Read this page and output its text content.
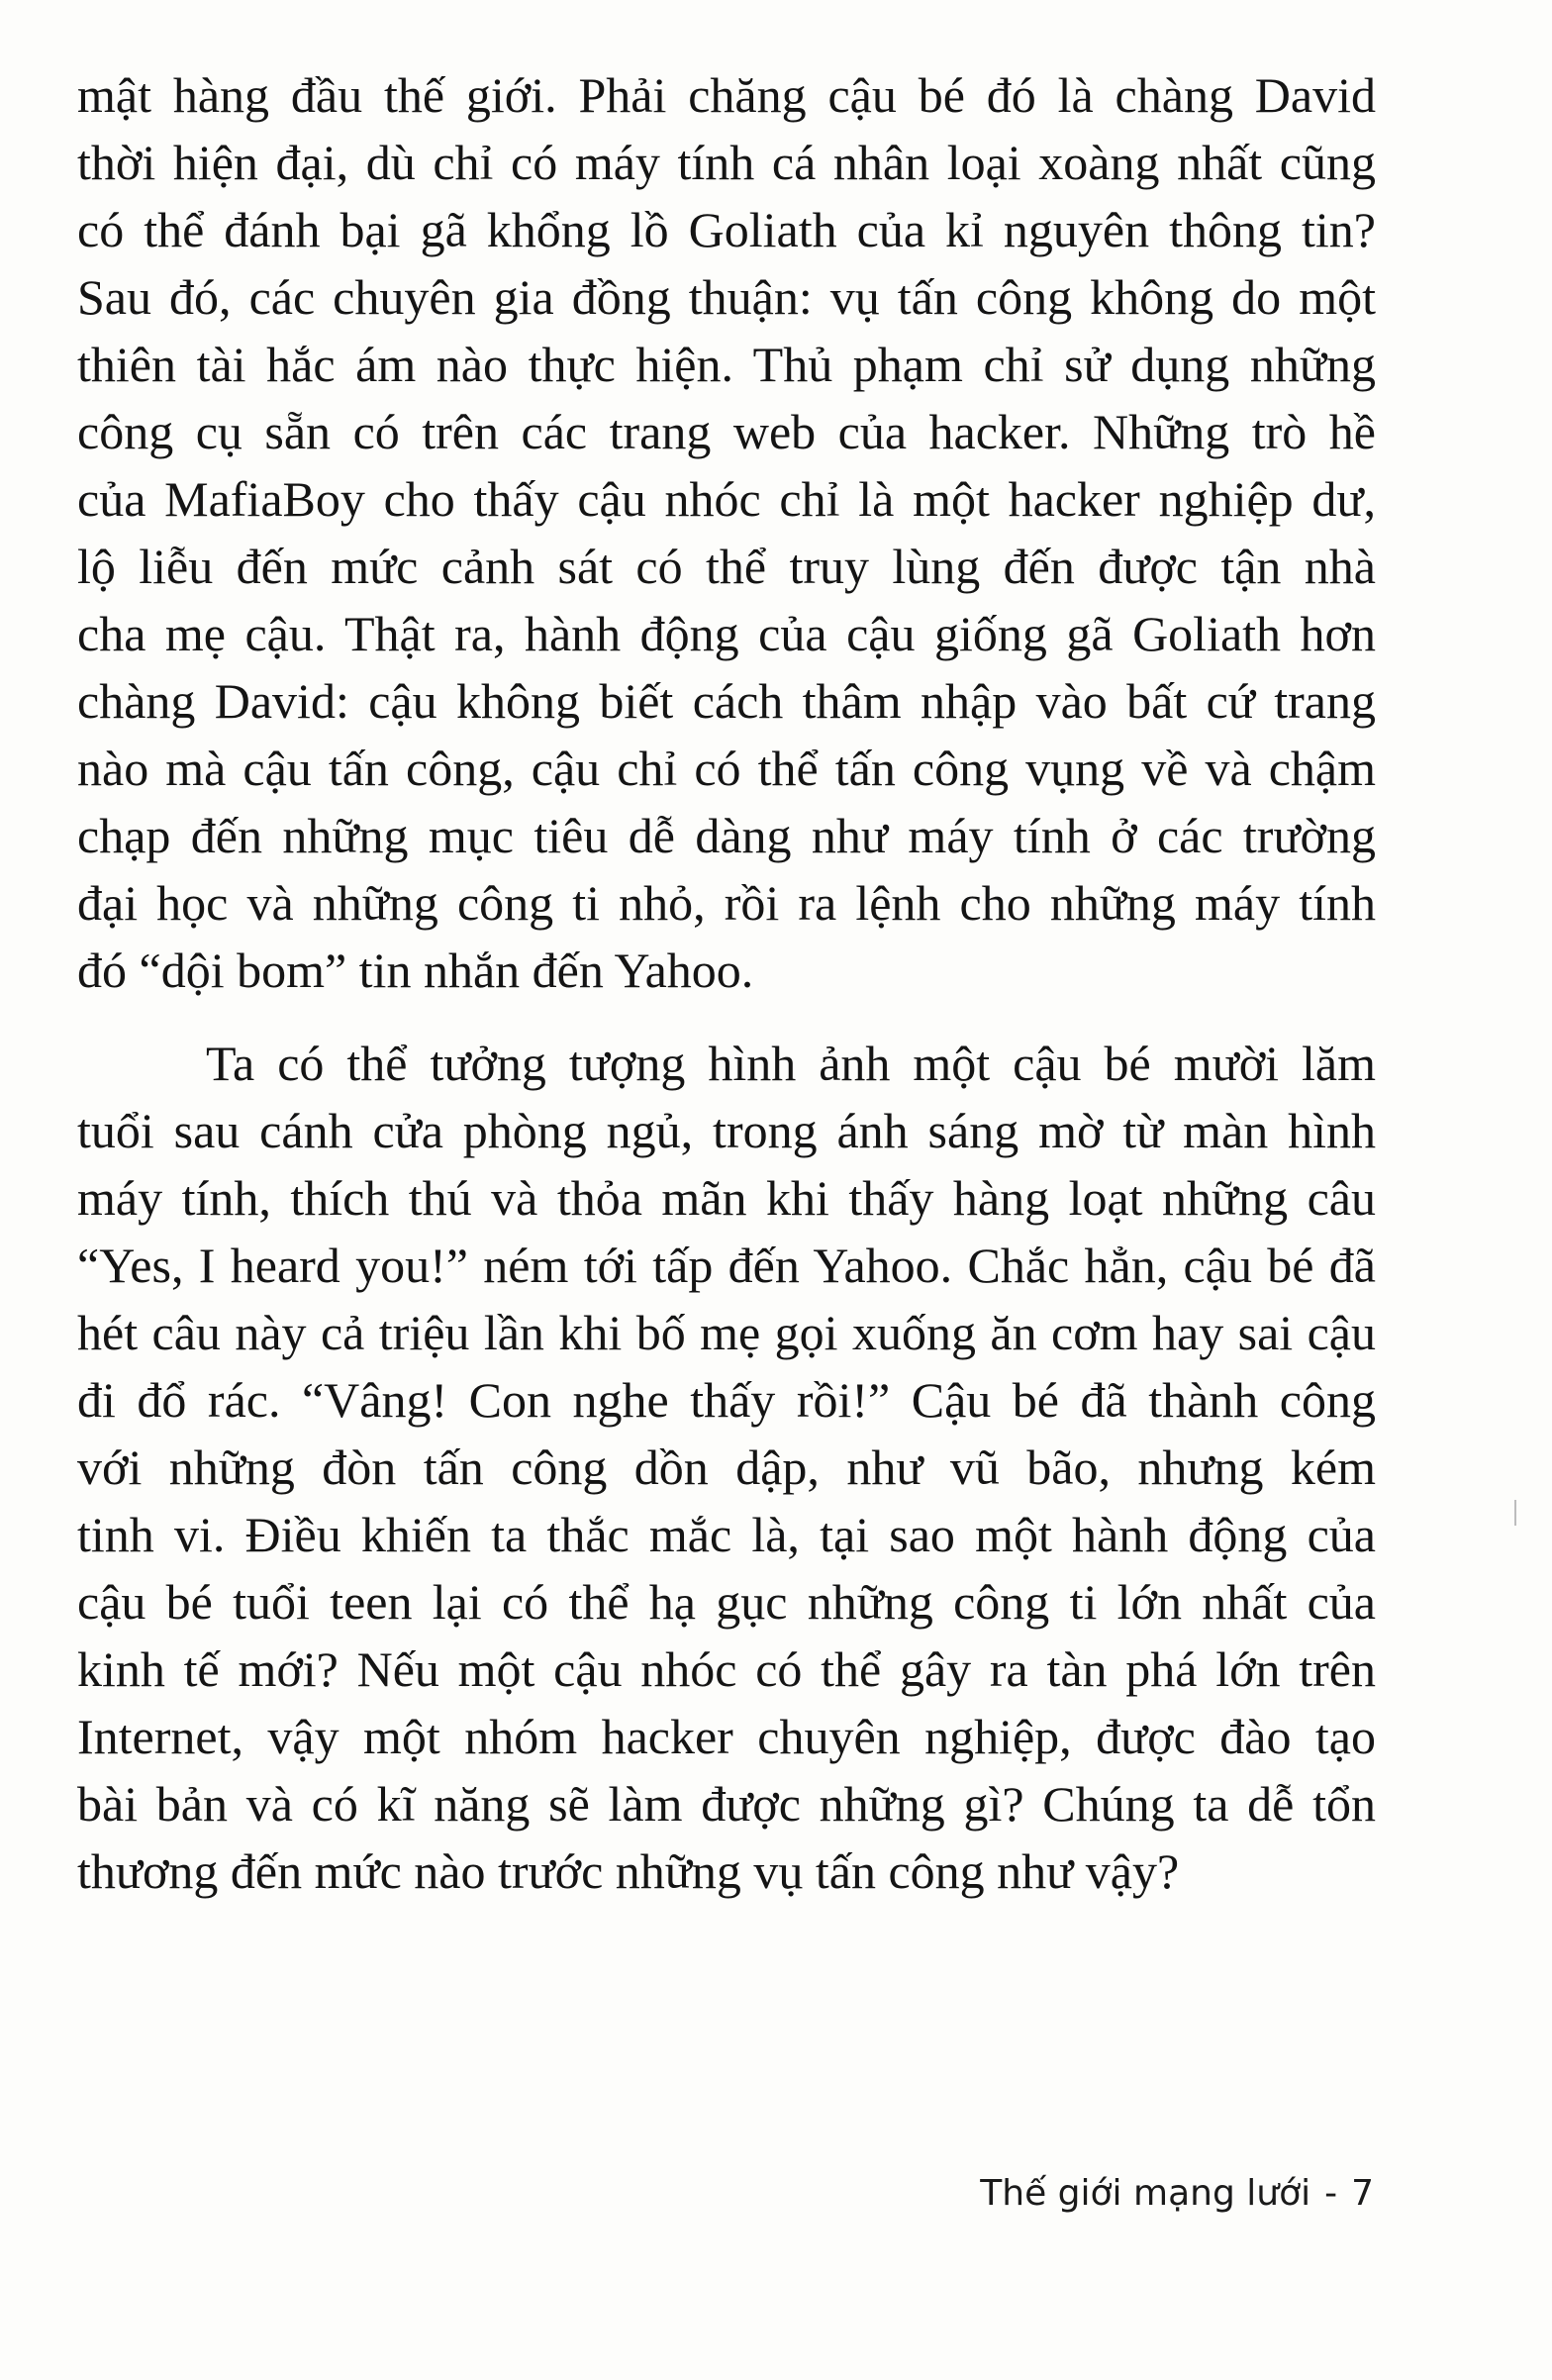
mật hàng đầu thế giới. Phải chăng cậu bé đó là chàng David
thời hiện đại, dù chỉ có máy tính cá nhân loại xoàng nhất cũng
có thể đánh bại gã khổng lồ Goliath của kỉ nguyên thông tin?
Sau đó, các chuyên gia đồng thuận: vụ tấn công không do một
thiên tài hắc ám nào thực hiện. Thủ phạm chỉ sử dụng những
công cụ sẵn có trên các trang web của hacker. Những trò hề
của MafiaBoy cho thấy cậu nhóc chỉ là một hacker nghiệp dư,
lộ liễu đến mức cảnh sát có thể truy lùng đến được tận nhà
cha mẹ cậu. Thật ra, hành động của cậu giống gã Goliath hơn
chàng David: cậu không biết cách thâm nhập vào bất cứ trang
nào mà cậu tấn công, cậu chỉ có thể tấn công vụng về và chậm
chạp đến những mục tiêu dễ dàng như máy tính ở các trường
đại học và những công ti nhỏ, rồi ra lệnh cho những máy tính
đó “dội bom” tin nhắn đến Yahoo.
Ta có thể tưởng tượng hình ảnh một cậu bé mười lăm
tuổi sau cánh cửa phòng ngủ, trong ánh sáng mờ từ màn hình
máy tính, thích thú và thỏa mãn khi thấy hàng loạt những câu
“Yes, I heard you!” ném tới tấp đến Yahoo. Chắc hẳn, cậu bé đã
hét câu này cả triệu lần khi bố mẹ gọi xuống ăn cơm hay sai cậu
đi đổ rác. “Vâng! Con nghe thấy rồi!” Cậu bé đã thành công
với những đòn tấn công dồn dập, như vũ bão, nhưng kém
tinh vi. Điều khiến ta thắc mắc là, tại sao một hành động của
cậu bé tuổi teen lại có thể hạ gục những công ti lớn nhất của
kinh tế mới? Nếu một cậu nhóc có thể gây ra tàn phá lớn trên
Internet, vậy một nhóm hacker chuyên nghiệp, được đào tạo
bài bản và có kĩ năng sẽ làm được những gì? Chúng ta dễ tổn
thương đến mức nào trước những vụ tấn công như vậy?
Thế giới mạng lưới - 7
